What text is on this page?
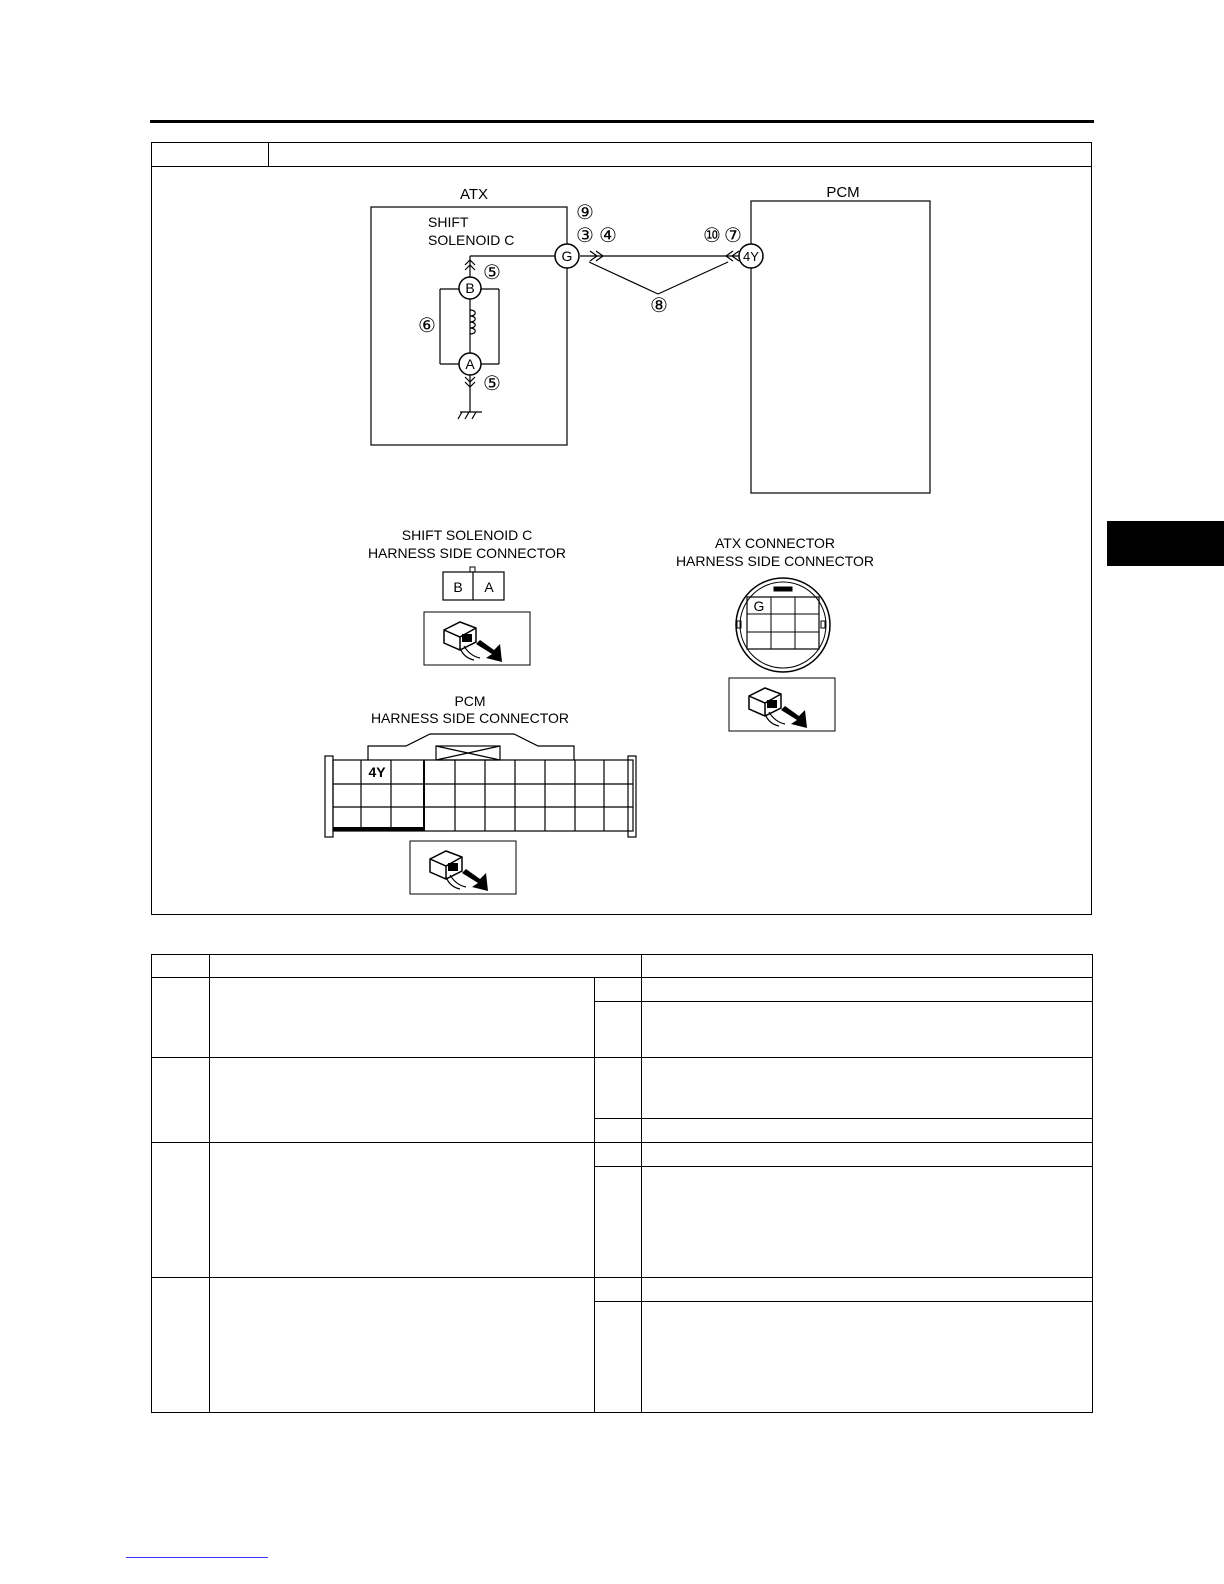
ATX
SHIFT
SOLENOID C
PCM
B
A
G	4Y
⑨
③ ④	⑩ ⑦
⑧
⑥
⑤
⑤
SHIFT SOLENOID C
HARNESS SIDE CONNECTOR
B A
ATX CONNECTOR
HARNESS SIDE CONNECTOR
G
PCM
HARNESS SIDE CONNECTOR
4Y
